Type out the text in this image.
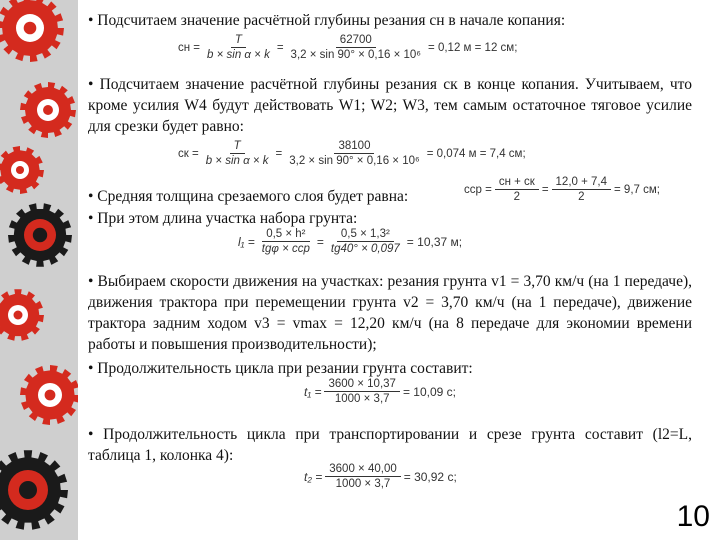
• Подсчитаем значение расчётной глубины резания cн в начале копания:
cн = $\frac{T}{\text{b × sin α × k}} = \frac{62700}{\text{3,2 × sin 90° × 0,16 × 10⁶}} = 0,12$ м = 12 см;
• Подсчитаем значение расчётной глубины резания cк в конце копания. Учитываем, что кроме усилия W4 будут действовать W1; W2; W3, тем самым остаточное тяговое усилие для срезки будет равно:
cк = $\frac{T}{\text{b × sin α × k}} = \frac{38100}{\text{3,2 × sin 90° × 0,16 × 10⁶}} = 0,074$ м = 7,4 см;
• Средняя толщина срезаемого слоя будет равна:	cср = $\frac{cн + cк}{2} = \frac{12,0 + 7,4}{2} = 9,7$ см;
• При этом длина участка набора грунта:
$l_1 = \frac{\text{0,5 × h²}}{\text{tgφ × cср}} = \frac{\text{0,5 × 1,3²}}{tg40^\circ \times 0,097} = 10,37$ м;
• Выбираем скорости движения на участках: резания грунта v1 = 3,70 км/ч (на 1 передаче), движения трактора при перемещении грунта v2 = 3,70 км/ч (на 1 передаче), движение трактора задним ходом v3 = vmax = 12,20 км/ч (на 8 передаче для экономии времени работы и повышения производительности);
• Продолжительность цикла при резании грунта составит:
$t_1 = \frac{3600 \times 10,37}{1000 \times 3,7} = 10,09$ с;
• Продолжительность цикла при транспортировании и срезе грунта составит (l2=L, таблица 1, колонка 4):
$t_2 = \frac{3600 \times 40,00}{1000 \times 3,7} = 30,92$ с;
10
